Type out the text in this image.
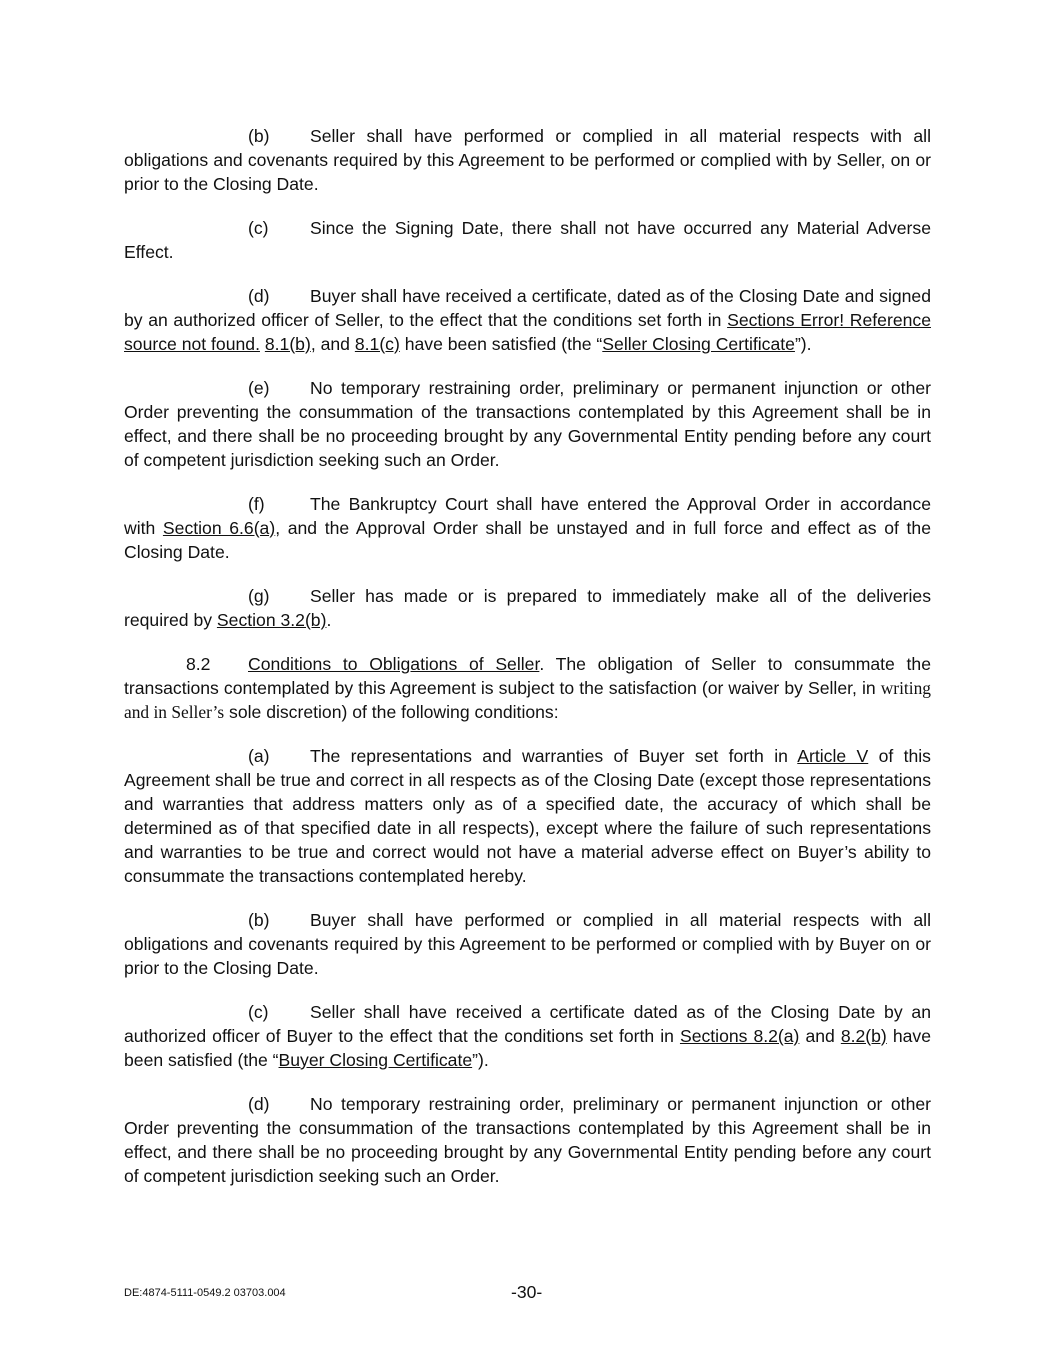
(b) Seller shall have performed or complied in all material respects with all obligations and covenants required by this Agreement to be performed or complied with by Seller, on or prior to the Closing Date.

(c) Since the Signing Date, there shall not have occurred any Material Adverse Effect.

(d) Buyer shall have received a certificate, dated as of the Closing Date and signed by an authorized officer of Seller, to the effect that the conditions set forth in Sections Error! Reference source not found. 8.1(b), and 8.1(c) have been satisfied (the “Seller Closing Certificate”).

(e) No temporary restraining order, preliminary or permanent injunction or other Order preventing the consummation of the transactions contemplated by this Agreement shall be in effect, and there shall be no proceeding brought by any Governmental Entity pending before any court of competent jurisdiction seeking such an Order.

(f)	The Bankruptcy Court shall have entered the Approval Order in accordance with Section 6.6(a), and the Approval Order shall be unstayed and in full force and effect as of the Closing Date.

(g) Seller has made or is prepared to immediately make all of the deliveries required by Section 3.2(b).

8.2 Conditions to Obligations of Seller. The obligation of Seller to consummate the transactions contemplated by this Agreement is subject to the satisfaction (or waiver by Seller, in writing and in Seller’s sole discretion) of the following conditions:

(a) The representations and warranties of Buyer set forth in Article V of this Agreement shall be true and correct in all respects as of the Closing Date (except those representations and warranties that address matters only as of a specified date, the accuracy of which shall be determined as of that specified date in all respects), except where the failure of such representations and warranties to be true and correct would not have a material adverse effect on Buyer’s ability to consummate the transactions contemplated hereby.

(b) Buyer shall have performed or complied in all material respects with all obligations and covenants required by this Agreement to be performed or complied with by Buyer on or prior to the Closing Date.

(c) Seller shall have received a certificate dated as of the Closing Date by an authorized officer of Buyer to the effect that the conditions set forth in Sections 8.2(a) and 8.2(b) have been satisfied (the “Buyer Closing Certificate”).

(d) No temporary restraining order, preliminary or permanent injunction or other Order preventing the consummation of the transactions contemplated by this Agreement shall be in effect, and there shall be no proceeding brought by any Governmental Entity pending before any court of competent jurisdiction seeking such an Order.

DE:4874-5111-0549.2 03703.004	-30-
